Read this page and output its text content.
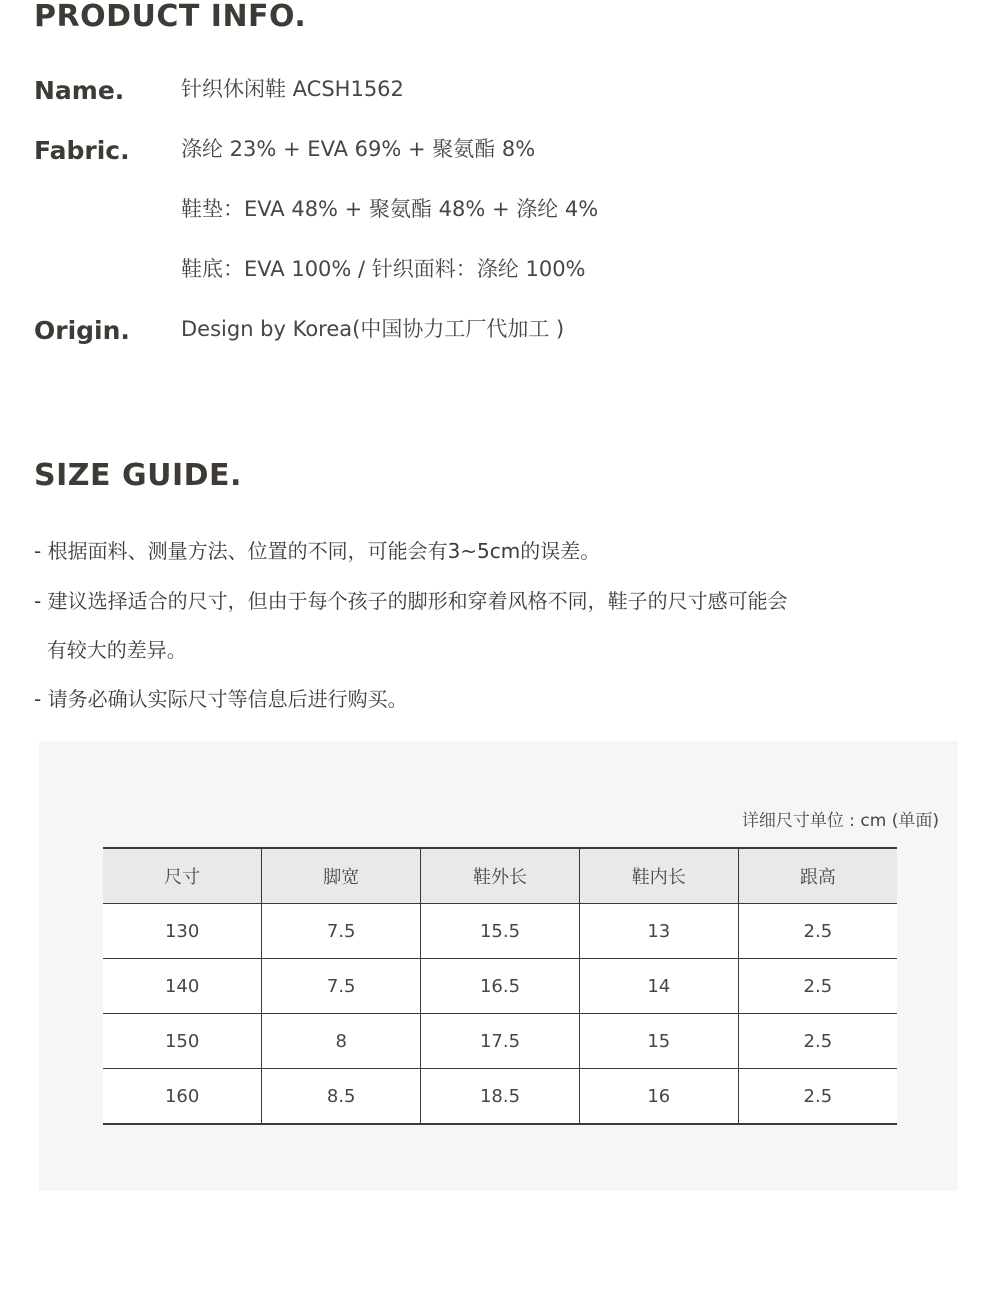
PRODUCT INFO.
Name.	针织休闲鞋 ACSH1562
Fabric. 涤纶 23% + EVA 69% + 聚氨酯 8%
鞋垫：EVA 48% + 聚氨酯 48% + 涤纶 4%
鞋底：EVA 100% / 针织面料：涤纶 100%
Origin. Design by Korea(中国协力工厂代加工 )
SIZE GUIDE.
- 根据面料、测量方法、位置的不同，可能会有3~5cm的误差。
- 建议选择适合的尺寸，但由于每个孩子的脚形和穿着风格不同，鞋子的尺寸感可能会
有较大的差异。
- 请务必确认实际尺寸等信息后进行购买。
详细尺寸单位 : cm (单面)
尺寸	脚宽	鞋外长	鞋内长	跟高
130	7.5	15.5	13	2.5
140	7.5	16.5	14	2.5
150	8	17.5	15	2.5
160	8.5	18.5	16	2.5
